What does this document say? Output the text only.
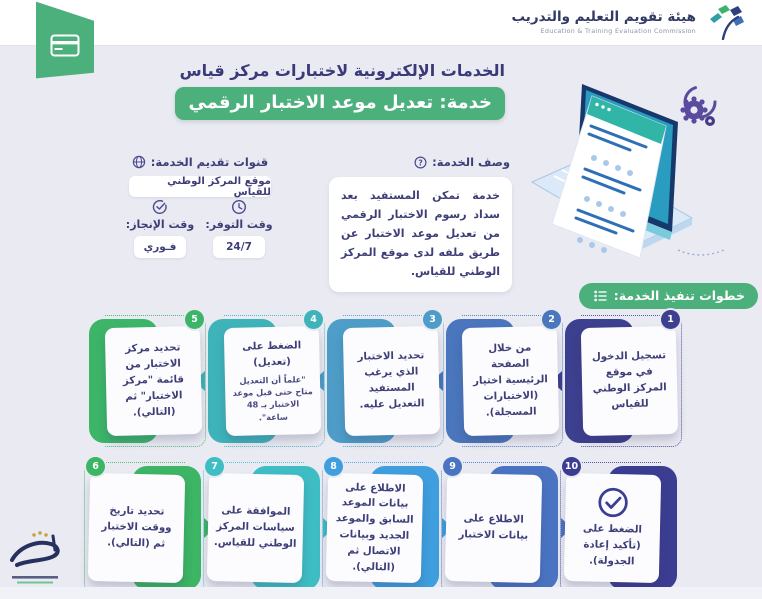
هيئة تقويم التعليم والتدريب
Education & Training Evaluation Commission
الخدمات الإلكترونية لاختبارات مركز قياس
خدمة: تعديل موعد الاختبار الرقمي
قنوات تقديم الخدمة:
موقع المركز الوطني للقياس
وقت التوفر:
24/7
وقت الإنجاز:
فـوري
وصف الخدمة:
?
خدمة تمكن المستفيد بعد سداد رسوم الاختبار الرقمي من تعديل موعد الاختبار عن طريق ملفه لدى موقع المركز الوطني للقياس.
خطوات تنفيذ الخدمة:
تسجيل الدخول في موقع المركز الوطني للقياس
1
من خلال الصفحة الرئيسية اختيار (الاختبارات المسجلة).
2
تحديد الاختبار الذي يرغب المستفيد التعديل عليه.
3
الضغط على (تعديل)
"علماً أن التعديل متاح حتى قبل موعد الاختبار بـ 48 ساعة".
4
تحديد مركز الاختبار من قائمة "مركز الاختبار" ثم (التالي).
5
تحديد تاريخ ووقت الاختبار ثم (التالي).
6
الموافقة على سياسات المركز الوطني للقياس.
7
الاطلاع على بيانات الموعد السابق والموعد الجديد وبيانات الاتصال ثم (التالي).
8
الاطلاع على بيانات الاختبار
9
الضغط على (تأكيد إعادة الجدولة).
10
